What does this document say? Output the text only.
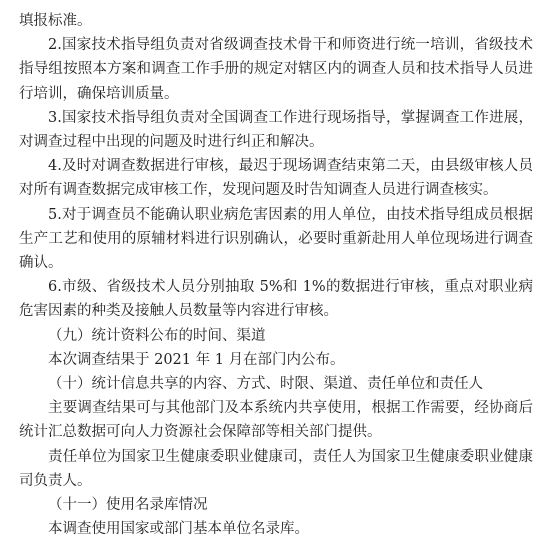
填报标准。

2.国家技术指导组负责对省级调查技术骨干和师资进行统一培训，省级技术指导组按照本方案和调查工作手册的规定对辖区内的调查人员和技术指导人员进行培训，确保培训质量。

3.国家技术指导组负责对全国调查工作进行现场指导，掌握调查工作进展，对调查过程中出现的问题及时进行纠正和解决。

4.及时对调查数据进行审核，最迟于现场调查结束第二天，由县级审核人员对所有调查数据完成审核工作，发现问题及时告知调查人员进行调查核实。

5.对于调查员不能确认职业病危害因素的用人单位，由技术指导组成员根据生产工艺和使用的原辅材料进行识别确认，必要时重新赴用人单位现场进行调查确认。

6.市级、省级技术人员分别抽取 5%和 1%的数据进行审核，重点对职业病危害因素的种类及接触人员数量等内容进行审核。

（九）统计资料公布的时间、渠道

本次调查结果于 2021 年 1 月在部门内公布。

（十）统计信息共享的内容、方式、时限、渠道、责任单位和责任人

主要调查结果可与其他部门及本系统内共享使用，根据工作需要，经协商后统计汇总数据可向人力资源社会保障部等相关部门提供。

责任单位为国家卫生健康委职业健康司，责任人为国家卫生健康委职业健康司负责人。

（十一）使用名录库情况

本调查使用国家或部门基本单位名录库。
